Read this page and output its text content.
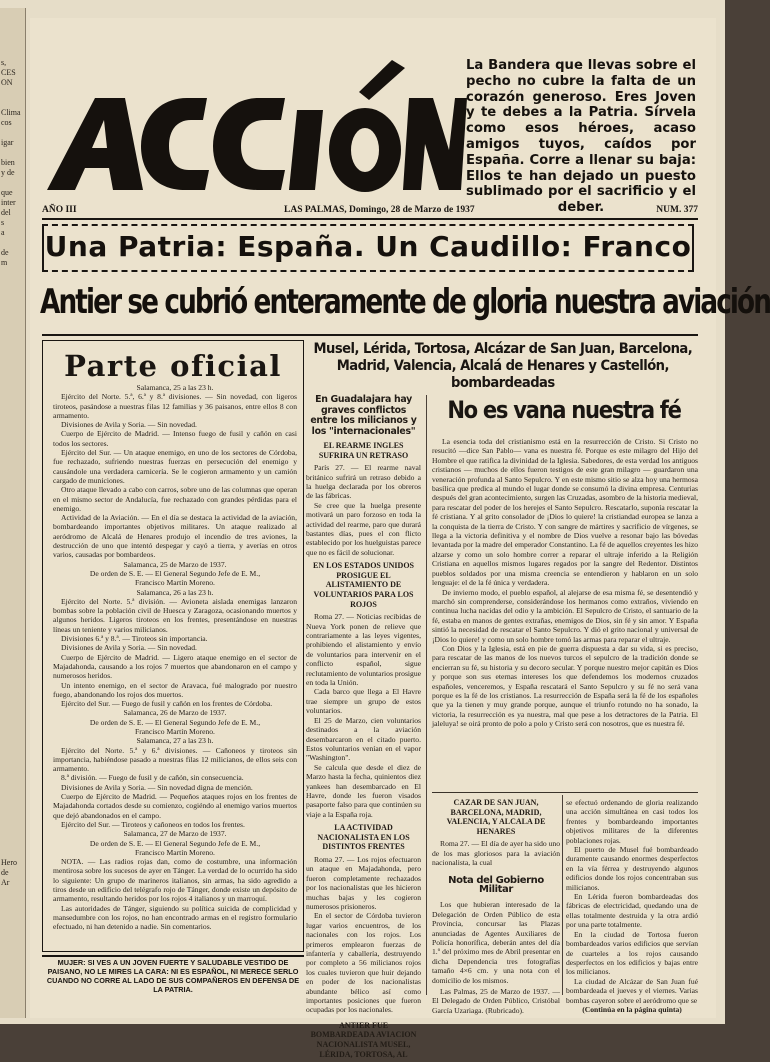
s,
CES
ON

Clima
cos

igar

bien
y de

que
inter
del
s
a

de
m

Hero
de
Ar
La Bandera que llevas sobre el pecho no cubre la falta de un corazón generoso. Eres Joven y te debes a la Patria. Sírvela como esos héroes, acaso amigos tuyos, caídos por España. Corre a llenar su baja: Ellos te han dejado un puesto sublimado por el sacrificio y el deber.
AÑO III	LAS PALMAS, Domingo, 28 de Marzo de 1937	NUM. 377
Una Patria: España. Un Caudillo: Franco
Antier se cubrió enteramente de gloria nuestra aviación
Parte oficial

Salamanca, 25 a las 23 h.

Ejército del Norte. 5.ª, 6.ª y 8.ª divisiones. — Sin novedad, con ligeros tiroteos, pasándose a nuestras filas 12 familias y 36 paisanos, entre ellos 8 con armamento.

Divisiones de Avila y Soria. — Sin novedad.

Cuerpo de Ejército de Madrid. — Intenso fuego de fusil y cañón en casi todos los sectores.

Ejército del Sur. — Un ataque enemigo, en uno de los sectores de Córdoba, fue rechazado, sufriendo nuestras fuerzas en persecución del enemigo y causándole una verdadera carnicería. Se le cogieron armamento y un camión cargado de municiones.

Otro ataque llevado a cabo con carros, sobre uno de las columnas que operan en el mismo sector de Andalucía, fue rechazado con grandes pérdidas para el enemigo.

Actividad de la Aviación. — En el día se destaca la actividad de la aviación, bombardeando importantes objetivos militares. Un ataque realizado al aeródromo de Alcalá de Henares produjo el incendio de tres aviones, la destrucción de uno que intentó despegar y cayó a tierra, y averías en otros varios, causadas por bombardeos.

Salamanca, 25 de Marzo de 1937.

De orden de S. E. — El General Segundo Jefe de E. M.,

Francisco Martín Moreno.

Salamanca, 26 a las 23 h.

Ejército del Norte. 5.ª división. — Avioneta aislada enemigas lanzaron bombas sobre la población civil de Huesca y Zaragoza, ocasionando muertos y algunos heridos. Ligeros tiroteos en los frentes, presentándose en nuestras líneas un teniente y varios milicianos.

Divisiones 6.ª y 8.ª. — Tiroteos sin importancia.

Divisiones de Avila y Soria. — Sin novedad.

Cuerpo de Ejército de Madrid. — Ligero ataque enemigo en el sector de Majadahonda, causando a los rojos 7 muertos que abandonaron en el campo y numerosos heridos.

Un intento enemigo, en el sector de Aravaca, fué malogrado por nuestro fuego, abandonando los rojos dos muertos.

Ejército del Sur. — Fuego de fusil y cañón en los frentes de Córdoba.

Salamanca, 26 de Marzo de 1937.

De orden de S. E. — El General Segundo Jefe de E. M.,

Francisco Martín Moreno.

Salamanca, 27 a las 23 h.

Ejército del Norte. 5.ª y 6.ª divisiones. — Cañoneos y tiroteos sin importancia, habiéndose pasado a nuestras filas 12 milicianos, de ellos seis con armamento.

8.ª división. — Fuego de fusil y de cañón, sin consecuencia.

Divisiones de Avila y Soria. — Sin novedad digna de mención.

Cuerpo de Ejército de Madrid. — Pequeños ataques rojos en los frentes de Majadahonda cortados desde su comienzo, cogiéndo al enemigo varios muertos que dejó abandonados en el campo.

Ejército del Sur. — Tiroteos y cañoneos en todos los frentes.

Salamanca, 27 de Marzo de 1937.

De orden de S. E. — El General Segundo Jefe de E. M.,

Francisco Martín Moreno.

NOTA. — Las radios rojas dan, como de costumbre, una información mentirosa sobre los sucesos de ayer en Tánger. La verdad de lo ocurrido ha sido lo siguiente: Un grupo de marineros italianos, sin armas, ha sido agredido a tiros desde un edificio del telégrafo rojo de Tánger, donde existe un depósito de armamento, resultando heridos por los rojos 4 italianos y un marroquí.

Las autoridades de Tánger, siguiendo su política suicida de complicidad y mansedumbre con los rojos, no han encontrado armas en el registro formulario efectuado, ni han detenido a nadie. Sin comentarios.

MUJER: SI VES A UN JOVEN FUERTE Y SALUDABLE VESTIDO DE PAISANO, NO LE MIRES LA CARA: NI ES ESPAÑOL, NI MERECE SERLO CUANDO NO CORRE AL LADO DE SUS COMPAÑEROS EN DEFENSA DE LA PATRIA.
Musel, Lérida, Tortosa, Alcázar de San Juan, Barcelona, Madrid, Valencia, Alcalá de Henares y Castellón, bombardeadas
En Guadalajara hay graves conflictos entre los milicianos y los "internacionales"
EL REARME INGLES SUFRIRA UN RETRASO

París 27. — El rearme naval británico sufrirá un retraso debido a la huelga declarada por los obreros de las fábricas.

Se cree que la huelga presente motivará un paro forzoso en toda la actividad del rearme, paro que durará bastantes días, pues el con flicto establecido por los huelguistas parece que no es fácil de solucionar.

EN LOS ESTADOS UNIDOS PROSIGUE EL ALISTAMIENTO DE VOLUNTARIOS PARA LOS ROJOS

Roma 27. — Noticias recibidas de Nueva York ponen de relieve que contrariamente a las leyes vigentes, prohibiendo el alistamiento y envío de voluntarios para intervenir en el conflicto español, sigue reclutamiento de voluntarios prosigue en toda la Unión.

Cada barco que llega a El Havre trae siempre un grupo de estos voluntarios.

El 25 de Marzo, cien voluntarios destinados a la aviación desembarcaron en el citado puerto. Estos voluntarios venían en el vapor "Washington".

Se calcula que desde el diez de Marzo hasta la fecha, quinientos diez yankees han desembarcado en El Havre, donde les fueron visados pasaporte falso para que continúen su viaje a la España roja.

LA ACTIVIDAD NACIONALISTA EN LOS DISTINTOS FRENTES

Roma 27. — Los rojos efectuaron un ataque en Majadahonda, pero fueron completamente rechazados por los nacionalistas que les hicieron muchas bajas y les cogieron numerosos prisioneros.

En el sector de Córdoba tuvieron lugar varios encuentros, de los nacionales con los rojos. Los primeros emplearon fuerzas de infantería y caballería, destruyendo por completo a 56 milicianos rojos los cuales tuvieron que huir dejando en poder de los nacionalistas abundante bélico así como importantes posiciones que fueron ocupadas por los nacionales.

ANTIER FUE BOMBARDEADA AVIACION NACIONALISTA MUSEL, LÉRIDA, TORTOSA, AL
No es vana nuestra fé

La esencia toda del cristianismo está en la resurrección de Cristo. Si Cristo no resucitó —dice San Pablo— vana es nuestra fé. Porque es este milagro del Hijo del Hombre el que ratifica la divinidad de la Iglesia. Sabedores, de esta verdad los antiguos cristianos — muchos de ellos fueron testigos de este gran milagro — guardaron una veneración profunda al Santo Sepulcro. Y en este mismo sitio se alza hoy una hermosa basílica que predica al mundo el lugar donde se consumó la divina empresa. Centurias después del gran acontecimiento, surgen las Cruzadas, asombro de la historia medieval, para rescatar del poder de los herejes el Santo Sepulcro. Rescatarlo, suponía rescatar la fé cristiana. Y al grito consolador de ¡Dios lo quiere! la cristiandad europea se lanza a la conquista de la tierra de Cristo. Y con sangre de mártires y sacrificio de vírgenes, se llega a la victoria definitiva y el nombre de Dios vuelve a resonar bajo las bóvedas levantada por la madre del emperador Constantino. La fé de aquellos creyentes les hizo alzarse y como un solo hombre correr a reparar el ultraje inferido a la Religión Cristiana en aquellos mismos lugares regados por la sangre del Redentor. Distintos pueblos soldados por una misma creencia se entendieron y hablaron en un solo lenguaje: el de la fé única y verdadera.

De invierno modo, el pueblo español, al alejarse de esa misma fé, se desentendió y marchó sin comprenderse, considerándose los hermanos como extraños, viviendo en continua lucha nacidas del odio y la ambición. El Sepulcro de Cristo, el santuario de la fé, estaba en manos de gentes extrañas, enemigos de Dios, sin fé y sin amor. Y España sintió la necesidad de rescatar el Santo Sepulcro. Y dió el grito nacional y universal de ¡Dios lo quiere! y como un solo hombre tomó las armas para reparar el ultraje.

Con Dios y la Iglesia, está en pie de guerra dispuesta a dar su vida, si es preciso, para rescatar de las manos de los nuevos turcos el sepulcro de la tradición donde se encierran su fé, su historia y su decoro secular. Y porque nuestro mejor capitán es Dios y porque son sus eternas intereses los que defendemos los modernos cruzados españoles, venceremos, y España rescatará el Santo Sepulcro y su fé no será vana porque es la fé de los cristianos. La resurrección de España será la fé de los españoles que ya la tienen y muy grande porque, aunque el triunfo rotundo no ha sonado, la victoria, la resurrección es ya nuestra, mal que pese a los detractores de la Patria. El jaleluya! se oirá pronto de polo a polo y Cristo será con nosotros, que es nuestra fé.

CAZAR DE SAN JUAN, BARCELONA, MADRID, VALENCIA, Y ALCALA DE HENARES

Roma 27. — El día de ayer ha sido uno de los mas gloriosos para la aviación nacionalista, la cual

Nota del Gobierno Militar

Los que hubieran interesado de la Delegación de Orden Público de esta Provincia, concursar las Plazas anunciadas de Agentes Auxiliares de Policía honorífica, deberán antes del día 1.º del próximo mes de Abril presentar en dicha Dependencia tres fotografías tamaño 4×6 cm. y una nota con el domicilio de los mismos.

Las Palmas, 25 de Marzo de 1937. — El Delegado de Orden Público, Cristóbal García Uzariaga. (Rubricado).

se efectuó ordenando de gloria realizando una acción simultánea en casi todos los frentes y bombardeando importantes objetivos militares de la diferentes poblaciones rojas.

El puerto de Musel fué bombardeado duramente causando enormes desperfectos en la vía férrea y destruyendo algunos edificios donde los rojos concentraban sus milicianos.

En Lérida fueron bombardeadas dos fábricas de electricidad, quedando una de ellas totalmente destruida y la otra ardió por una parte totalmente.

En la ciudad de Tortosa fueron bombardeados varios edificios que servían de cuarteles a los rojos causando desperfectos en los edificios y bajas entre los milicianos.

La ciudad de Alcázar de San Juan fué bombardeada el jueves y el viernes. Varias bombas cayeron sobre el aeródromo que se

(Continúa en la página quinta)
